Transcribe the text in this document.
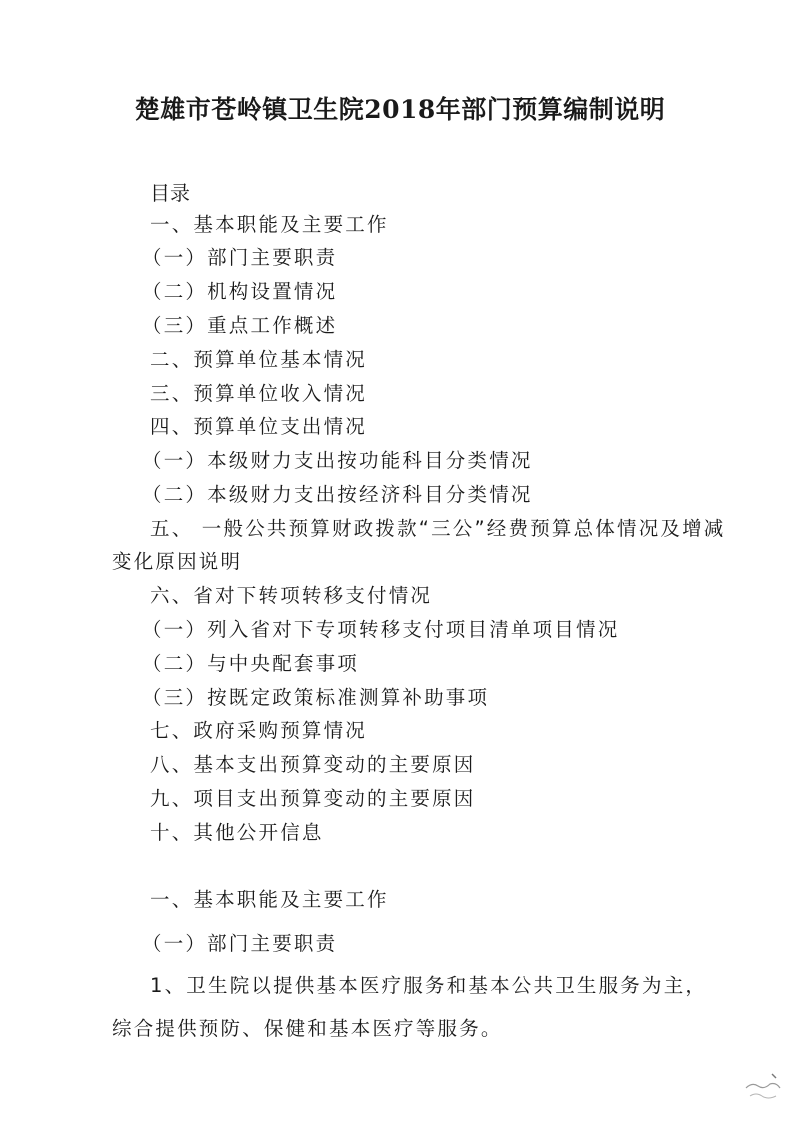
楚雄市苍岭镇卫生院2018年部门预算编制说明
目录
一、基本职能及主要工作
（一）部门主要职责
（二）机构设置情况
（三）重点工作概述
二、预算单位基本情况
三、预算单位收入情况
四、预算单位支出情况
（一）本级财力支出按功能科目分类情况
（二）本级财力支出按经济科目分类情况
五、 一般公共预算财政拨款“三公”经费预算总体情况及增减
变化原因说明
六、省对下转项转移支付情况
（一）列入省对下专项转移支付项目清单项目情况
（二）与中央配套事项
（三）按既定政策标准测算补助事项
七、政府采购预算情况
八、基本支出预算变动的主要原因
九、项目支出预算变动的主要原因
十、其他公开信息
一、基本职能及主要工作
（一）部门主要职责
1、卫生院以提供基本医疗服务和基本公共卫生服务为主，
综合提供预防、保健和基本医疗等服务。
